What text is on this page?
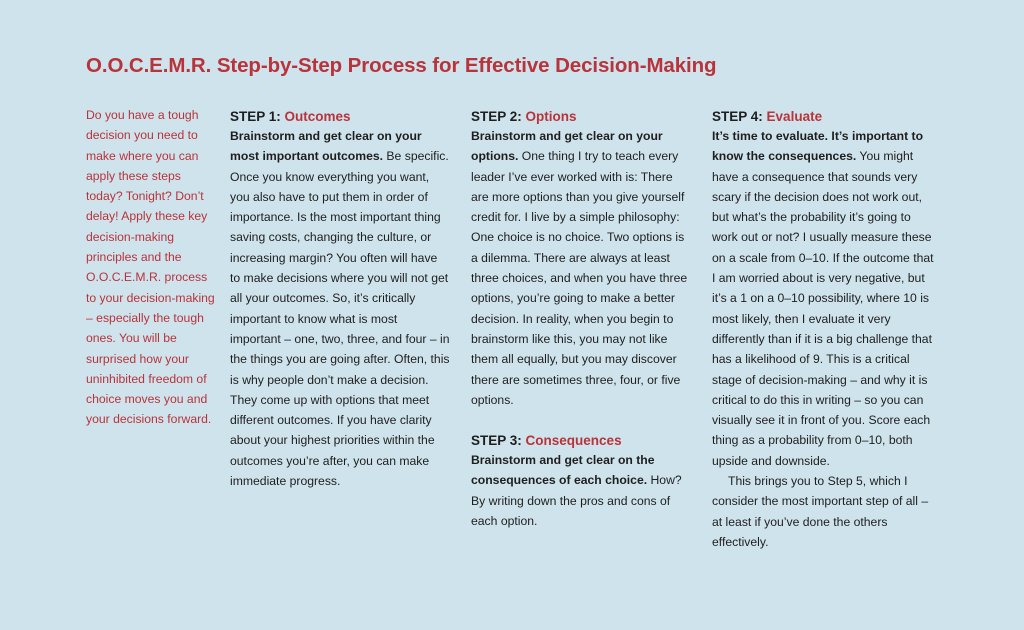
O.O.C.E.M.R. Step-by-Step Process for Effective Decision-Making

Do you have a tough decision you need to make where you can apply these steps today? Tonight? Don’t delay! Apply these key decision-making principles and the O.O.C.E.M.R. process to your decision-making – especially the tough ones. You will be surprised how your uninhibited freedom of choice moves you and your decisions forward.

STEP 1: Outcomes

Brainstorm and get clear on your most important outcomes. Be specific. Once you know everything you want, you also have to put them in order of importance. Is the most important thing saving costs, changing the culture, or increasing margin? You often will have to make decisions where you will not get all your outcomes. So, it’s critically important to know what is most important – one, two, three, and four – in the things you are going after. Often, this is why people don’t make a decision. They come up with options that meet different outcomes. If you have clarity about your highest priorities within the outcomes you’re after, you can make immediate progress.

STEP 2: Options

Brainstorm and get clear on your options. One thing I try to teach every leader I’ve ever worked with is: There are more options than you give yourself credit for. I live by a simple philosophy: One choice is no choice. Two options is a dilemma. There are always at least three choices, and when you have three options, you’re going to make a better decision. In reality, when you begin to brainstorm like this, you may not like them all equally, but you may discover there are sometimes three, four, or five options.

STEP 3: Consequences

Brainstorm and get clear on the consequences of each choice. How? By writing down the pros and cons of each option.

STEP 4: Evaluate

It’s time to evaluate. It’s important to know the consequences. You might have a consequence that sounds very scary if the decision does not work out, but what’s the probability it’s going to work out or not? I usually measure these on a scale from 0–10. If the outcome that I am worried about is very negative, but it’s a 1 on a 0–10 possibility, where 10 is most likely, then I evaluate it very differently than if it is a big challenge that has a likelihood of 9. This is a critical stage of decision-making – and why it is critical to do this in writing – so you can visually see it in front of you. Score each thing as a probability from 0–10, both upside and downside.

This brings you to Step 5, which I consider the most important step of all – at least if you’ve done the others effectively.
